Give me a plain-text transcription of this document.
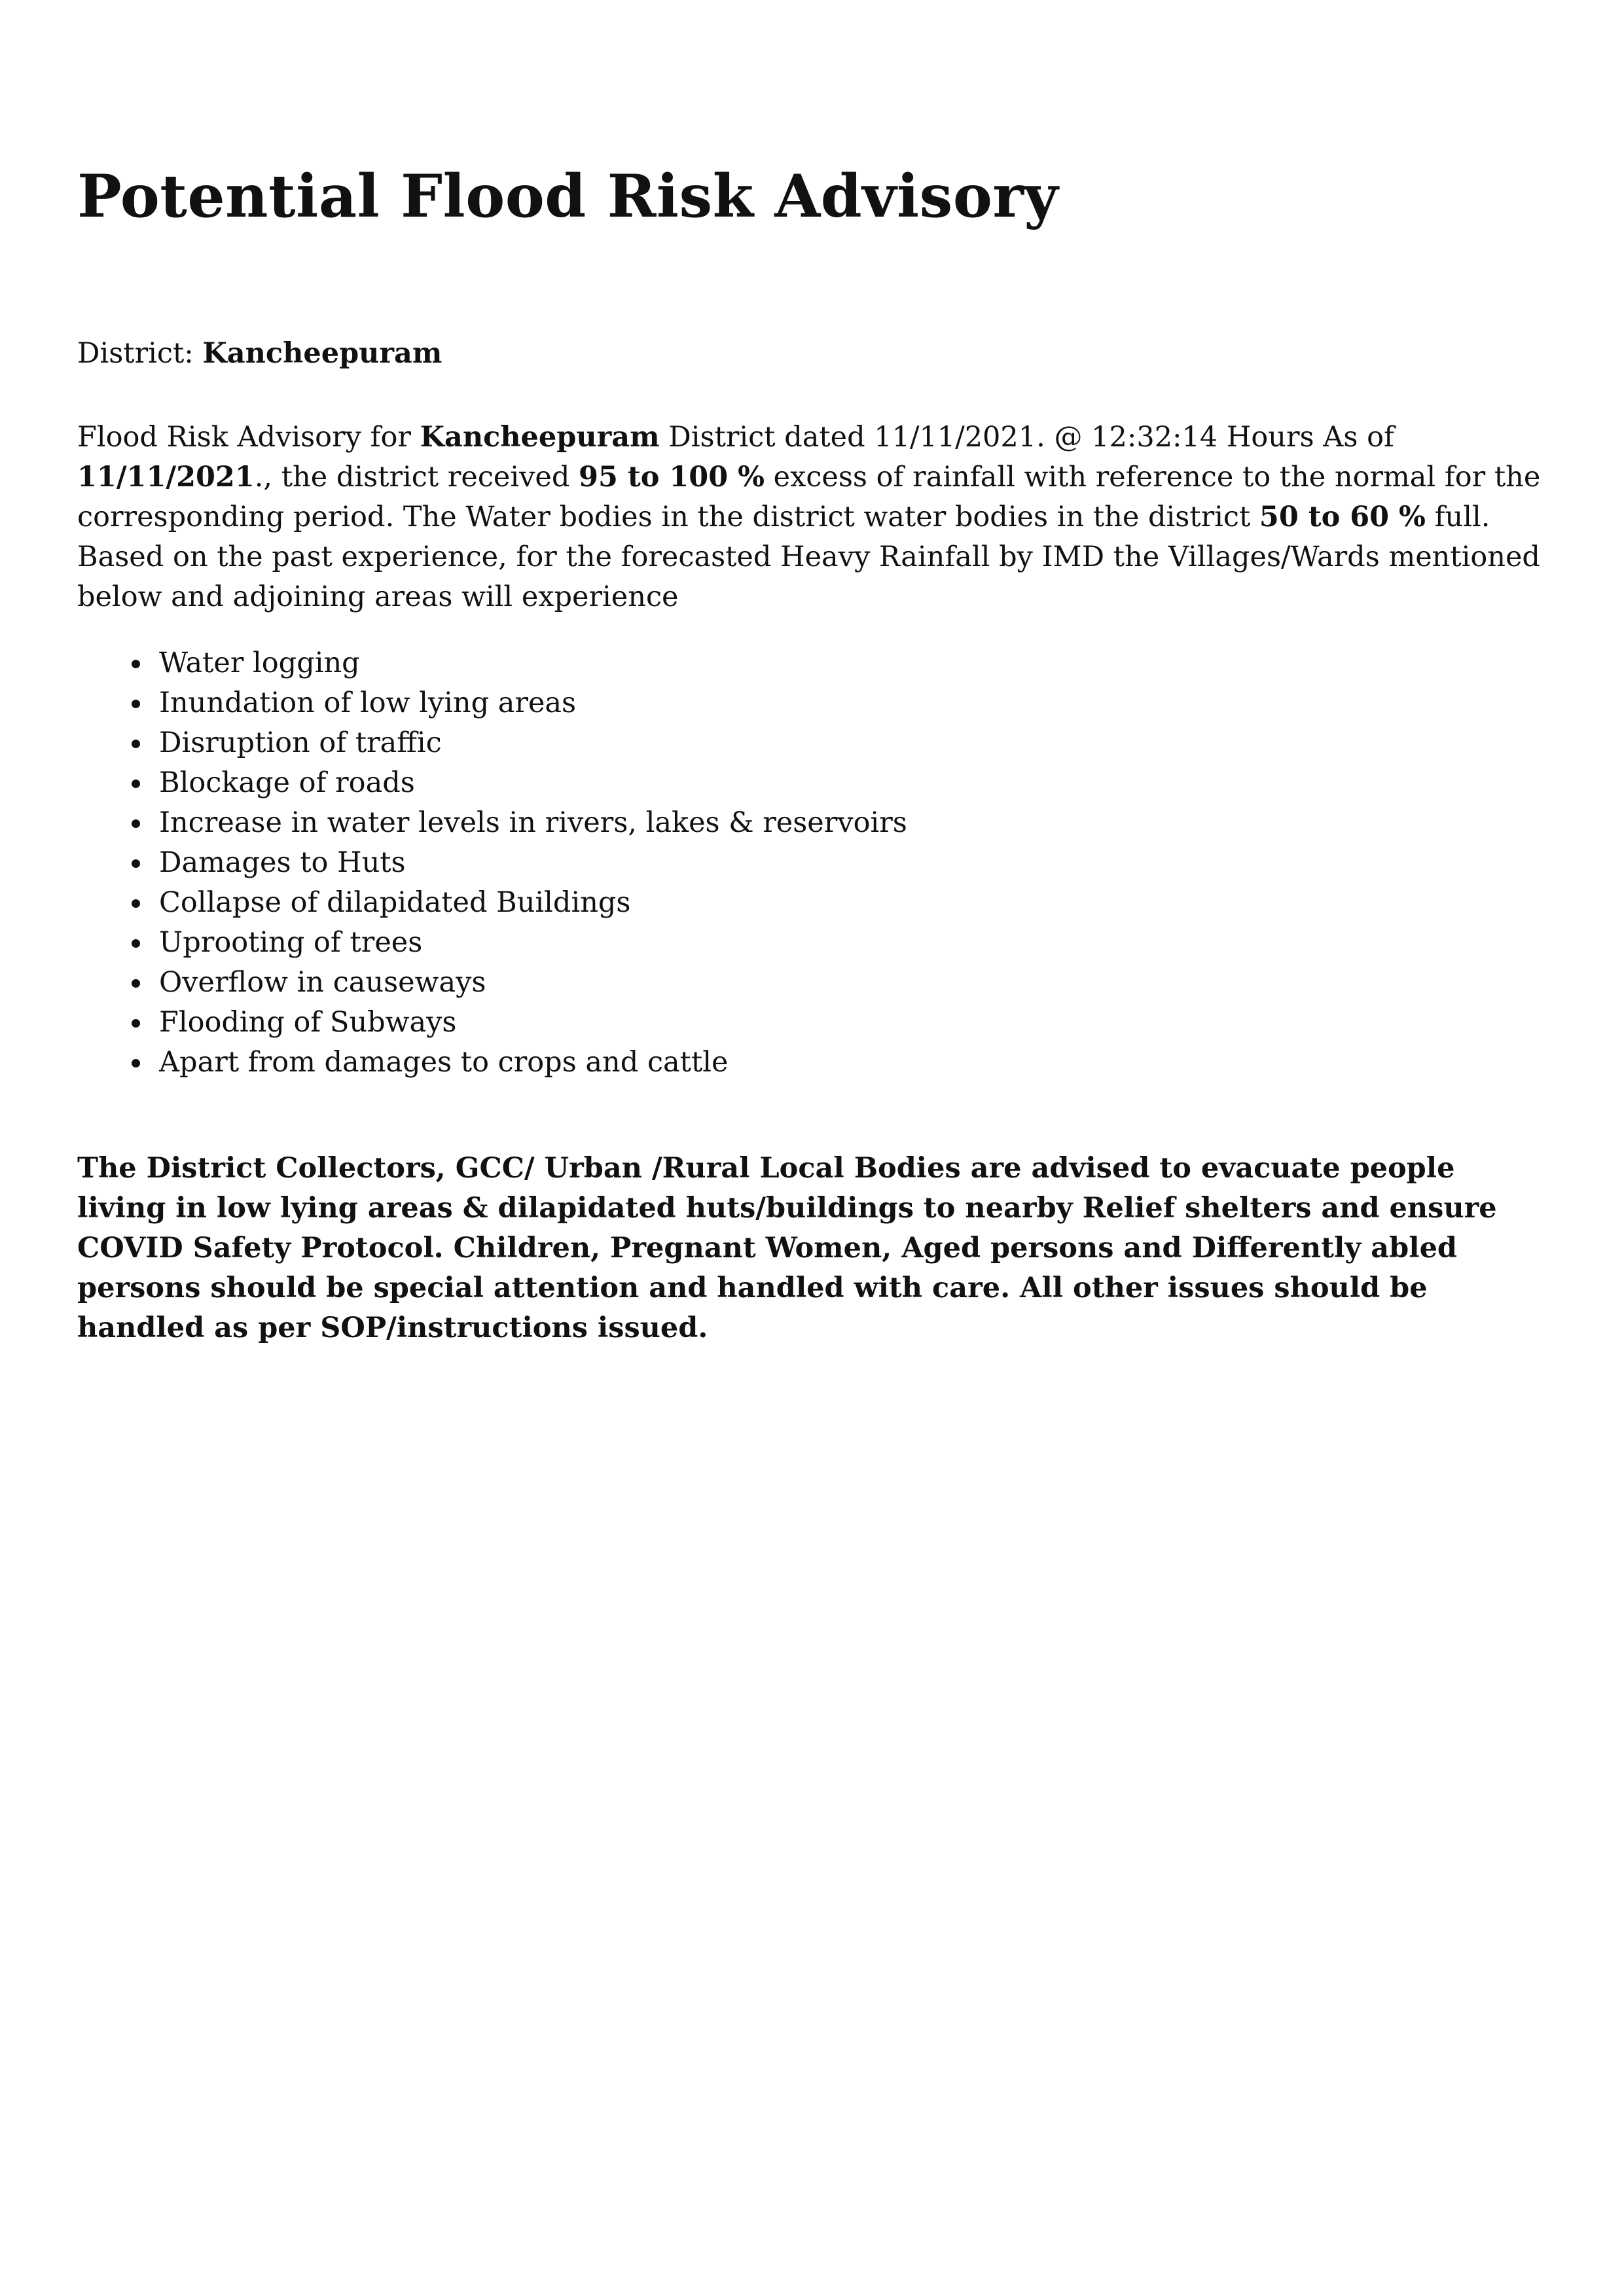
Potential Flood Risk Advisory

District: Kancheepuram

Flood Risk Advisory for Kancheepuram District dated 11/11/2021. @ 12:32:14 Hours As of 11/11/2021., the district received 95 to 100 % excess of rainfall with reference to the normal for the corresponding period. The Water bodies in the district water bodies in the district 50 to 60 % full. Based on the past experience, for the forecasted Heavy Rainfall by IMD the Villages/Wards mentioned below and adjoining areas will experience

Water logging
Inundation of low lying areas
Disruption of traffic
Blockage of roads
Increase in water levels in rivers, lakes & reservoirs
Damages to Huts
Collapse of dilapidated Buildings
Uprooting of trees
Overflow in causeways
Flooding of Subways
Apart from damages to crops and cattle

The District Collectors, GCC/ Urban /Rural Local Bodies are advised to evacuate people living in low lying areas & dilapidated huts/buildings to nearby Relief shelters and ensure COVID Safety Protocol. Children, Pregnant Women, Aged persons and Differently abled persons should be special attention and handled with care. All other issues should be handled as per SOP/instructions issued.
